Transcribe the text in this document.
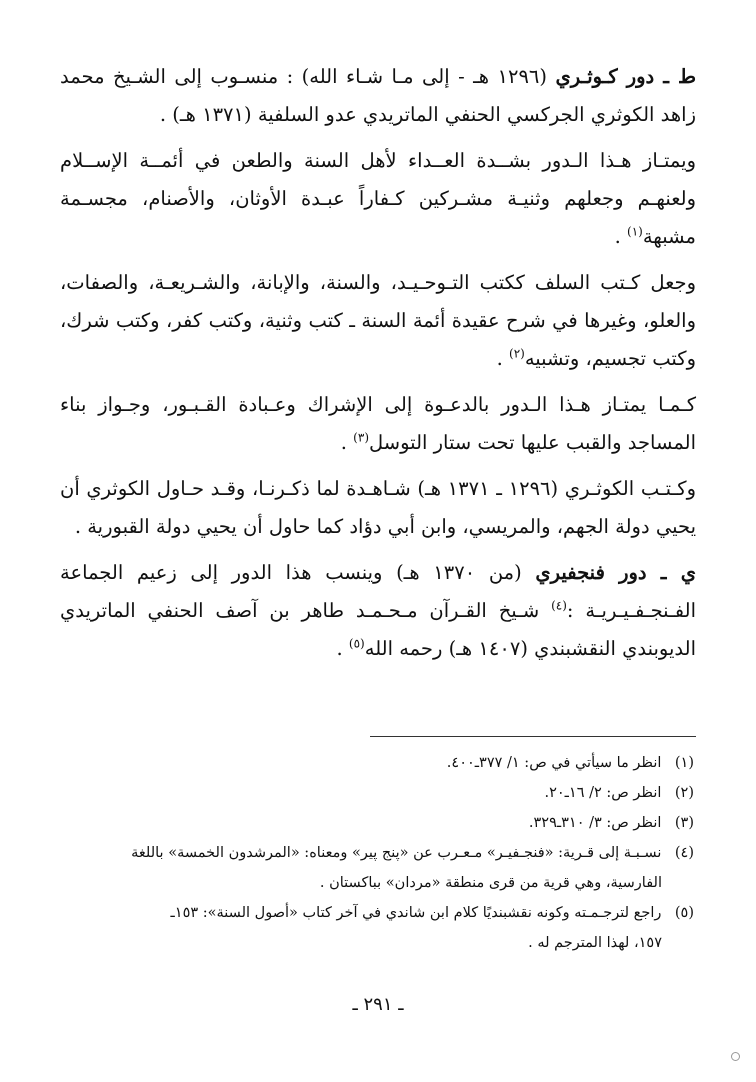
ط ـ دور كـوثـري (١٢٩٦ هـ - إلى مـا شـاء الله) : منسـوب إلى الشـيخ محمد زاهد الكوثري الجركسي الحنفي الماتريدي عدو السلفية (١٣٧١ هـ) .

ويمتـاز هـذا الـدور بشــدة العــداء لأهل السنة والطعن في أئمــة الإســلام ولعنهـم وجعلهم وثنيـة مشـركين كـفاراً عبـدة الأوثان، والأصنام، مجسـمة مشبهة$^{(١)}$ .

وجعل كـتب السلف ككتب التـوحـيـد، والسنة، والإبانة، والشـريعـة، والصفات، والعلو، وغيرها في شرح عقيدة أئمة السنة ـ كتب وثنية، وكتب كفر، وكتب شرك، وكتب تجسيم، وتشبيه$^{(٢)}$ .

كـمـا يمتـاز هـذا الـدور بالدعـوة إلى الإشراك وعـبادة القـبـور، وجـواز بناء المساجد والقبب عليها تحت ستار التوسل$^{(٣)}$ .

وكـتـب الكوثـري (١٢٩٦ ـ ١٣٧١ هـ) شـاهـدة لما ذكـرنـا، وقـد حـاول الكوثري أن يحيي دولة الجهم، والمريسي، وابن أبي دؤاد كما حاول أن يحيي دولة القبورية .

ي ـ دور فنجفيري (من ١٣٧٠ هـ) وينسب هذا الدور إلى زعيم الجماعة الفـنجـفـيـريـة :$^{(٤)}$ شـيخ القـرآن مـحـمـد طاهر بن آصف الحنفي الماتريدي الديوبندي النقشبندي (١٤٠٧ هـ) رحمه الله$^{(٥)}$ .

(١) انظر ما سيأتي في ص: ١/ ٣٧٧ـ٤٠٠.

(٢) انظر ص: ٢/ ١٦ـ٢٠.

(٣) انظر ص: ٣/ ٣١٠ـ٣٢٩.

(٤) نسـبـة إلى قـرية: «فنجـفيـر» مـعـرب عن «پنج پير» ومعناه: «المرشدون الخمسة» باللغة
الفارسية، وهي قرية من قرى منطقة «مردان» بباكستان .

(٥) راجع لترجـمـته وكونه نقشبنديًا كلام ابن شاندي في آخر كتاب «أصول السنة»: ١٥٣ـ
١٥٧، لهذا المترجم له .

ـ ٢٩١ ـ
